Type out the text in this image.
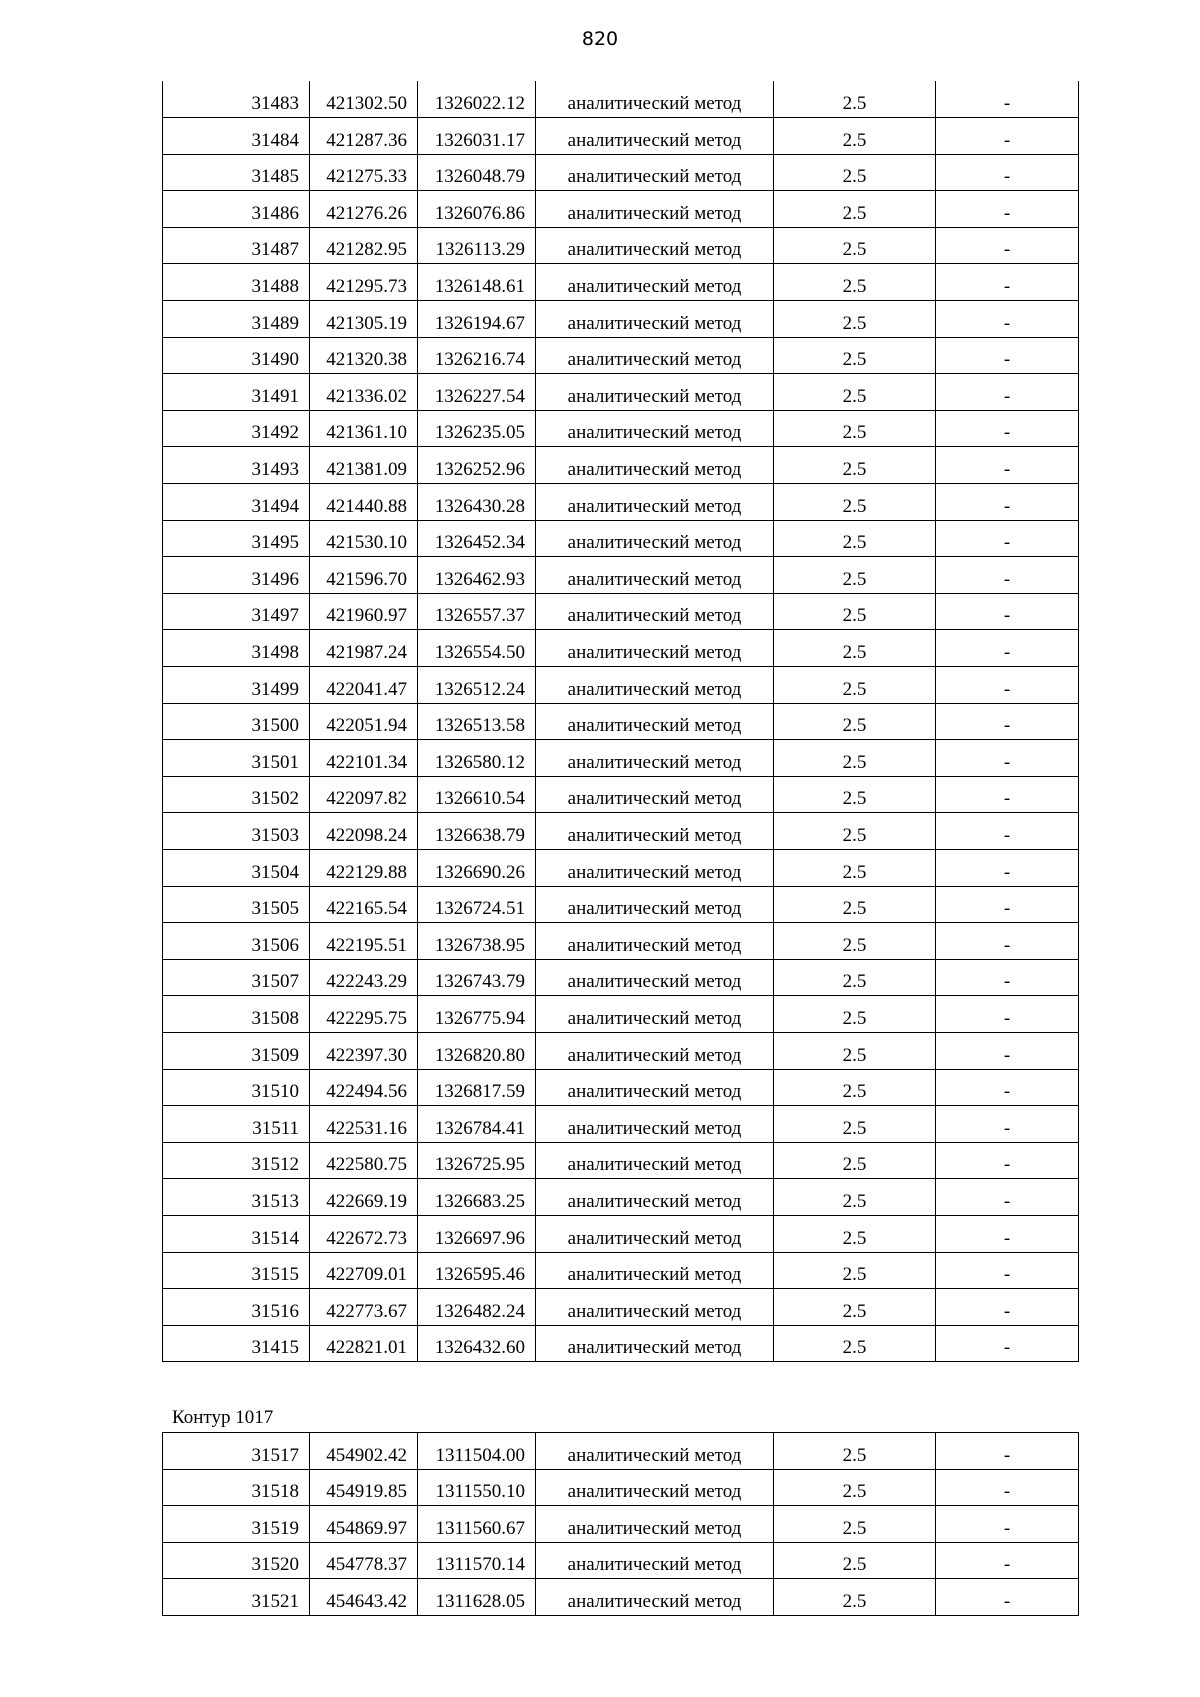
820
31483	421302.50	1326022.12	аналитический метод	2.5	-
31484	421287.36	1326031.17	аналитический метод	2.5	-
31485	421275.33	1326048.79	аналитический метод	2.5	-
31486	421276.26	1326076.86	аналитический метод	2.5	-
31487	421282.95	1326113.29	аналитический метод	2.5	-
31488	421295.73	1326148.61	аналитический метод	2.5	-
31489	421305.19	1326194.67	аналитический метод	2.5	-
31490	421320.38	1326216.74	аналитический метод	2.5	-
31491	421336.02	1326227.54	аналитический метод	2.5	-
31492	421361.10	1326235.05	аналитический метод	2.5	-
31493	421381.09	1326252.96	аналитический метод	2.5	-
31494	421440.88	1326430.28	аналитический метод	2.5	-
31495	421530.10	1326452.34	аналитический метод	2.5	-
31496	421596.70	1326462.93	аналитический метод	2.5	-
31497	421960.97	1326557.37	аналитический метод	2.5	-
31498	421987.24	1326554.50	аналитический метод	2.5	-
31499	422041.47	1326512.24	аналитический метод	2.5	-
31500	422051.94	1326513.58	аналитический метод	2.5	-
31501	422101.34	1326580.12	аналитический метод	2.5	-
31502	422097.82	1326610.54	аналитический метод	2.5	-
31503	422098.24	1326638.79	аналитический метод	2.5	-
31504	422129.88	1326690.26	аналитический метод	2.5	-
31505	422165.54	1326724.51	аналитический метод	2.5	-
31506	422195.51	1326738.95	аналитический метод	2.5	-
31507	422243.29	1326743.79	аналитический метод	2.5	-
31508	422295.75	1326775.94	аналитический метод	2.5	-
31509	422397.30	1326820.80	аналитический метод	2.5	-
31510	422494.56	1326817.59	аналитический метод	2.5	-
31511	422531.16	1326784.41	аналитический метод	2.5	-
31512	422580.75	1326725.95	аналитический метод	2.5	-
31513	422669.19	1326683.25	аналитический метод	2.5	-
31514	422672.73	1326697.96	аналитический метод	2.5	-
31515	422709.01	1326595.46	аналитический метод	2.5	-
31516	422773.67	1326482.24	аналитический метод	2.5	-
31415	422821.01	1326432.60	аналитический метод	2.5	-
Контур 1017
31517	454902.42	1311504.00	аналитический метод	2.5	-
31518	454919.85	1311550.10	аналитический метод	2.5	-
31519	454869.97	1311560.67	аналитический метод	2.5	-
31520	454778.37	1311570.14	аналитический метод	2.5	-
31521	454643.42	1311628.05	аналитический метод	2.5	-
